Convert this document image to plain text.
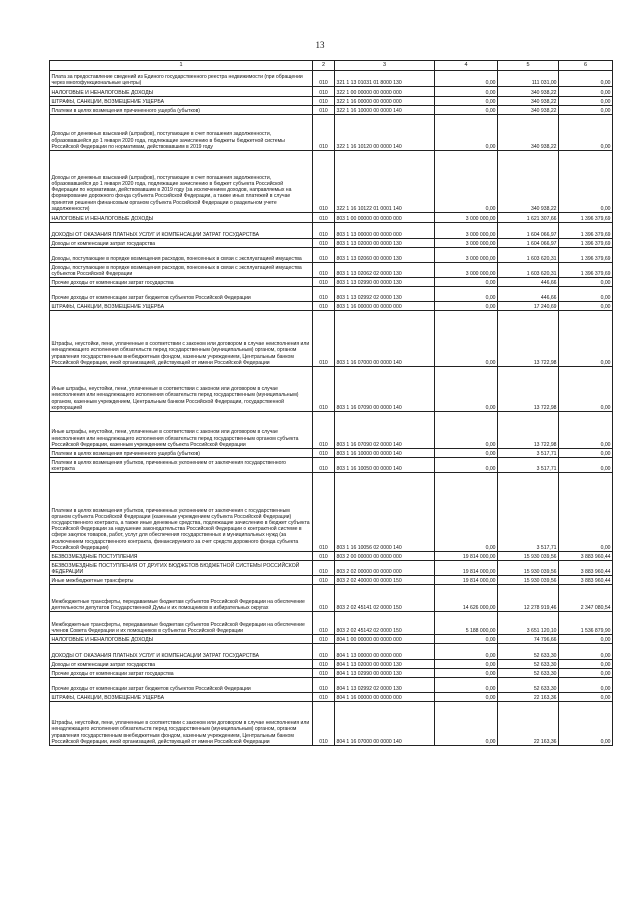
13
1	2	3	4	5	6
Плата за предоставление сведений из Единого государственного реестра недвижимости (при обращении через многофункциональные центры)	010	321 1 13 01031 01 8000 130	0,00	111 031,00	0,00
НАЛОГОВЫЕ И НЕНАЛОГОВЫЕ ДОХОДЫ	010	322 1 00 00000 00 0000 000	0,00	340 938,22	0,00
ШТРАФЫ, САНКЦИИ, ВОЗМЕЩЕНИЕ УЩЕРБА	010	322 1 16 00000 00 0000 000	0,00	340 938,22	0,00
Платежи в целях возмещения причиненного ущерба (убытков)	010	322 1 16 10000 00 0000 140	0,00	340 938,22	0,00
Доходы от денежных взысканий (штрафов), поступающие в счет погашения задолженности, образовавшейся до 1 января 2020 года, подлежащие зачислению в бюджеты бюджетной системы Российской Федерации по нормативам, действовавшим в 2019 году	010	322 1 16 10120 00 0000 140	0,00	340 938,22	0,00
Доходы от денежных взысканий (штрафов), поступающие в счет погашения задолженности, образовавшейся до 1 января 2020 года, подлежащие зачислению в бюджет субъекта Российской Федерации по нормативам, действовавшим в 2019 году (за исключением доходов, направляемых на формирование дорожного фонда субъекта Российской Федерации, а также иных платежей в случае принятия решения финансовым органом субъекта Российской Федерации о раздельном учете задолженности)	010	322 1 16 10122 01 0001 140	0,00	340 938,22	0,00
НАЛОГОВЫЕ И НЕНАЛОГОВЫЕ ДОХОДЫ	010	803 1 00 00000 00 0000 000	3 000 000,00	1 621 307,66	1 396 379,69
ДОХОДЫ ОТ ОКАЗАНИЯ ПЛАТНЫХ УСЛУГ И КОМПЕНСАЦИИ ЗАТРАТ ГОСУДАРСТВА	010	803 1 13 00000 00 0000 000	3 000 000,00	1 604 066,97	1 396 379,69
Доходы от компенсации затрат государства	010	803 1 13 02000 00 0000 130	3 000 000,00	1 604 066,97	1 396 379,69
Доходы, поступающие в порядке возмещения расходов, понесенных в связи с эксплуатацией имущества	010	803 1 13 02060 00 0000 130	3 000 000,00	1 603 620,31	1 396 379,69
Доходы, поступающие в порядке возмещения расходов, понесенных в связи с эксплуатацией имущества субъектов Российской Федерации	010	803 1 13 02062 02 0000 130	3 000 000,00	1 603 620,31	1 396 379,69
Прочие доходы от компенсации затрат государства	010	803 1 13 02990 00 0000 130	0,00	446,66	0,00
Прочие доходы от компенсации затрат бюджетов субъектов Российской Федерации	010	803 1 13 02992 02 0000 130	0,00	446,66	0,00
ШТРАФЫ, САНКЦИИ, ВОЗМЕЩЕНИЕ УЩЕРБА	010	803 1 16 00000 00 0000 000	0,00	17 240,69	0,00
Штрафы, неустойки, пени, уплаченные в соответствии с законом или договором в случае неисполнения или ненадлежащего исполнения обязательств перед государственным (муниципальным) органом, органом управления государственным внебюджетным фондом, казенным учреждением, Центральным банком Российской Федерации, иной организацией, действующей от имени Российской Федерации	010	803 1 16 07000 00 0000 140	0,00	13 722,98	0,00
Иные штрафы, неустойки, пени, уплаченные в соответствии с законом или договором в случае неисполнения или ненадлежащего исполнения обязательств перед государственным (муниципальным) органом, казенным учреждением, Центральным банком Российской Федерации, государственной корпорацией	010	803 1 16 07090 00 0000 140	0,00	13 722,98	0,00
Иные штрафы, неустойки, пени, уплаченные в соответствии с законом или договором в случае неисполнения или ненадлежащего исполнения обязательств перед государственным органом субъекта Российской Федерации, казенным учреждением субъекта Российской Федерации	010	803 1 16 07090 02 0000 140	0,00	13 722,98	0,00
Платежи в целях возмещения причиненного ущерба (убытков)	010	803 1 16 10000 00 0000 140	0,00	3 517,71	0,00
Платежи в целях возмещения убытков, причиненных уклонением от заключения государственного контракта	010	803 1 16 10050 00 0000 140	0,00	3 517,71	0,00
Платежи в целях возмещения убытков, причиненных уклонением от заключения с государственным органом субъекта Российской Федерации (казенным учреждением субъекта Российской Федерации) государственного контракта, а также иные денежные средства, подлежащие зачислению в бюджет субъекта Российской Федерации за нарушение законодательства Российской Федерации о контрактной системе в сфере закупок товаров, работ, услуг для обеспечения государственных и муниципальных нужд (за исключением государственного контракта, финансируемого за счет средств дорожного фонда субъекта Российской Федерации)	010	803 1 16 10056 02 0000 140	0,00	3 517,71	0,00
БЕЗВОЗМЕЗДНЫЕ ПОСТУПЛЕНИЯ	010	803 2 00 00000 00 0000 000	19 814 000,00	15 930 039,56	3 883 960,44
БЕЗВОЗМЕЗДНЫЕ ПОСТУПЛЕНИЯ ОТ ДРУГИХ БЮДЖЕТОВ БЮДЖЕТНОЙ СИСТЕМЫ РОССИЙСКОЙ ФЕДЕРАЦИИ	010	803 2 02 00000 00 0000 000	19 814 000,00	15 930 039,56	3 883 960,44
Иные межбюджетные трансферты	010	803 2 02 40000 00 0000 150	19 814 000,00	15 930 039,56	3 883 960,44
Межбюджетные трансферты, передаваемые бюджетам субъектов Российской Федерации на обеспечение деятельности депутатов Государственной Думы и их помощников в избирательных округах	010	803 2 02 45141 02 0000 150	14 626 000,00	12 278 919,46	2 347 080,54
Межбюджетные трансферты, передаваемые бюджетам субъектов Российской Федерации на обеспечение членов Совета Федерации и их помощников в субъектах Российской Федерации	010	803 2 02 45142 02 0000 150	5 188 000,00	3 651 120,10	1 536 879,90
НАЛОГОВЫЕ И НЕНАЛОГОВЫЕ ДОХОДЫ	010	804 1 00 00000 00 0000 000	0,00	74 796,66	0,00
ДОХОДЫ ОТ ОКАЗАНИЯ ПЛАТНЫХ УСЛУГ И КОМПЕНСАЦИИ ЗАТРАТ ГОСУДАРСТВА	010	804 1 13 00000 00 0000 000	0,00	52 633,30	0,00
Доходы от компенсации затрат государства	010	804 1 13 02000 00 0000 130	0,00	52 633,30	0,00
Прочие доходы от компенсации затрат государства	010	804 1 13 02990 00 0000 130	0,00	52 633,30	0,00
Прочие доходы от компенсации затрат бюджетов субъектов Российской Федерации	010	804 1 13 02992 02 0000 130	0,00	52 633,30	0,00
ШТРАФЫ, САНКЦИИ, ВОЗМЕЩЕНИЕ УЩЕРБА	010	804 1 16 00000 00 0000 000	0,00	22 163,36	0,00
Штрафы, неустойки, пени, уплаченные в соответствии с законом или договором в случае неисполнения или ненадлежащего исполнения обязательств перед государственным (муниципальным) органом, органом управления государственным внебюджетным фондом, казенным учреждением, Центральным банком Российской Федерации, иной организацией, действующей от имени Российской Федерации	010	804 1 16 07000 00 0000 140	0,00	22 163,36	0,00
